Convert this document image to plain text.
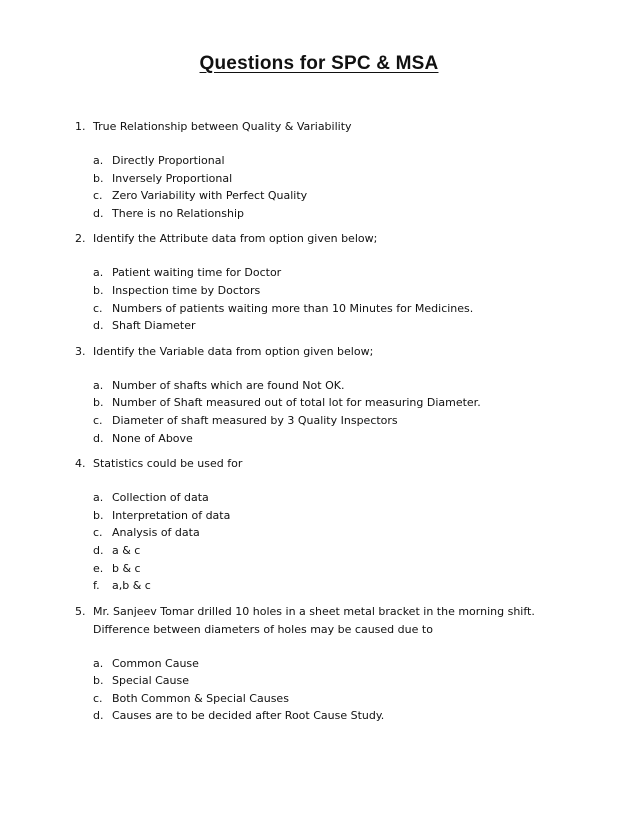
Questions for SPC & MSA
1. True Relationship between Quality & Variability
a. Directly Proportional
b. Inversely Proportional
c. Zero Variability with Perfect Quality
d. There is no Relationship
2. Identify the Attribute data from option given below;
a. Patient waiting time for Doctor
b. Inspection time by Doctors
c. Numbers of patients waiting more than 10 Minutes for Medicines.
d. Shaft Diameter
3. Identify the Variable data from option given below;
a. Number of shafts which are found Not OK.
b. Number of Shaft measured out of total lot for measuring Diameter.
c. Diameter of shaft measured by 3 Quality Inspectors
d. None of Above
4. Statistics could be used for
a. Collection of data
b. Interpretation of data
c. Analysis of data
d. a & c
e. b & c
f. a,b & c
5. Mr. Sanjeev Tomar drilled 10 holes in a sheet metal bracket in the morning shift. Difference between diameters of holes may be caused due to
a. Common Cause
b. Special Cause
c. Both Common & Special Causes
d. Causes are to be decided after Root Cause Study.
